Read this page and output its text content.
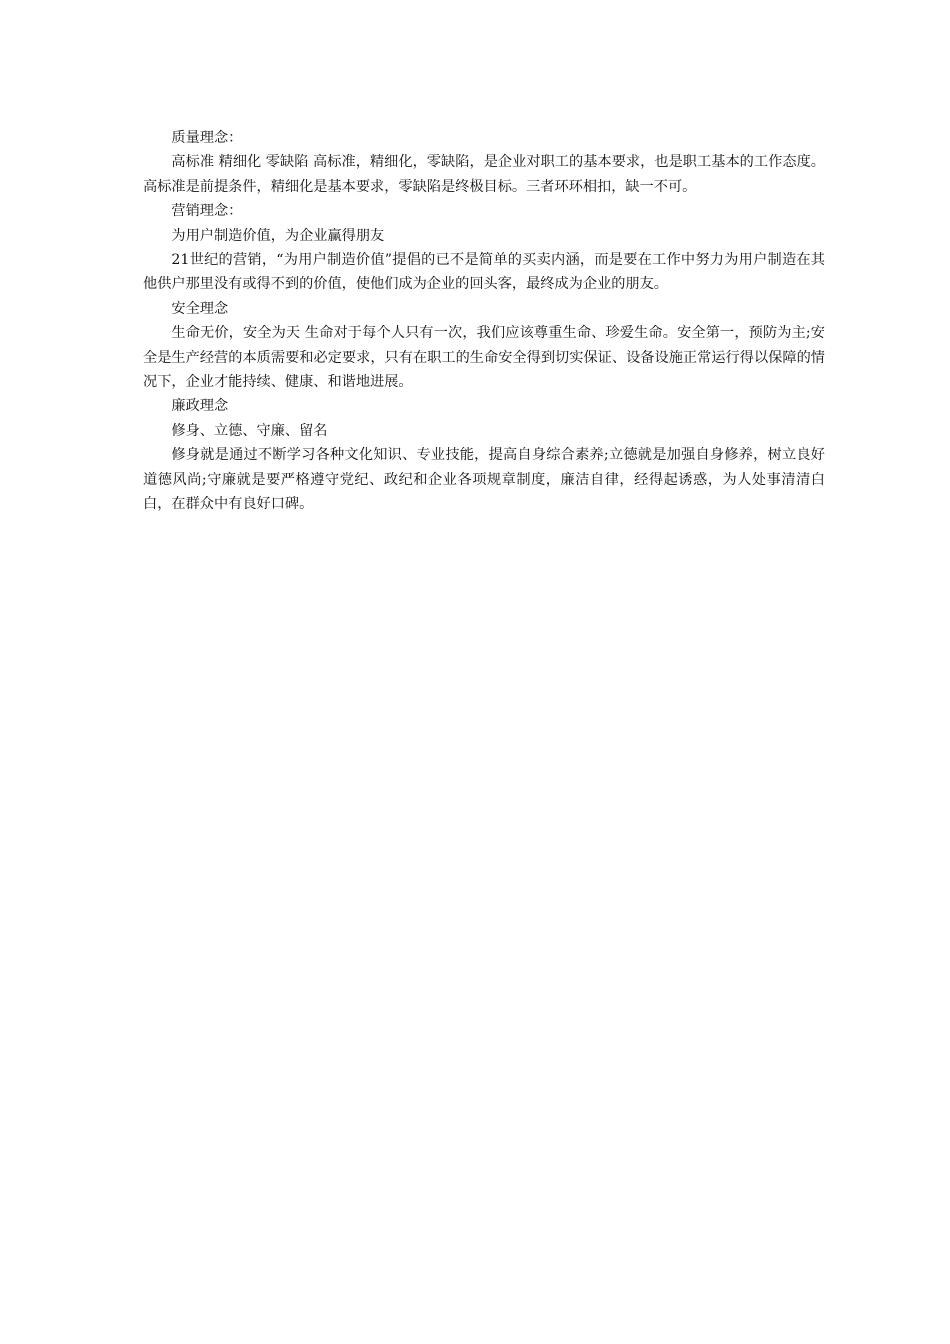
质量理念：

高标准 精细化 零缺陷 高标准，精细化，零缺陷，是企业对职工的基本要求，也是职工基本的工作态度。高标准是前提条件，精细化是基本要求，零缺陷是终极目标。三者环环相扣，缺一不可。

营销理念：

为用户制造价值，为企业赢得朋友

21世纪的营销，“为用户制造价值”提倡的已不是简单的买卖内涵，而是要在工作中努力为用户制造在其他供户那里没有或得不到的价值，使他们成为企业的回头客，最终成为企业的朋友。

安全理念

生命无价，安全为天 生命对于每个人只有一次，我们应该尊重生命、珍爱生命。安全第一，预防为主;安全是生产经营的本质需要和必定要求，只有在职工的生命安全得到切实保证、设备设施正常运行得以保障的情况下，企业才能持续、健康、和谐地进展。

廉政理念

修身、立德、守廉、留名

修身就是通过不断学习各种文化知识、专业技能，提高自身综合素养;立德就是加强自身修养，树立良好道德风尚;守廉就是要严格遵守党纪、政纪和企业各项规章制度，廉洁自律，经得起诱惑，为人处事清清白白，在群众中有良好口碑。
